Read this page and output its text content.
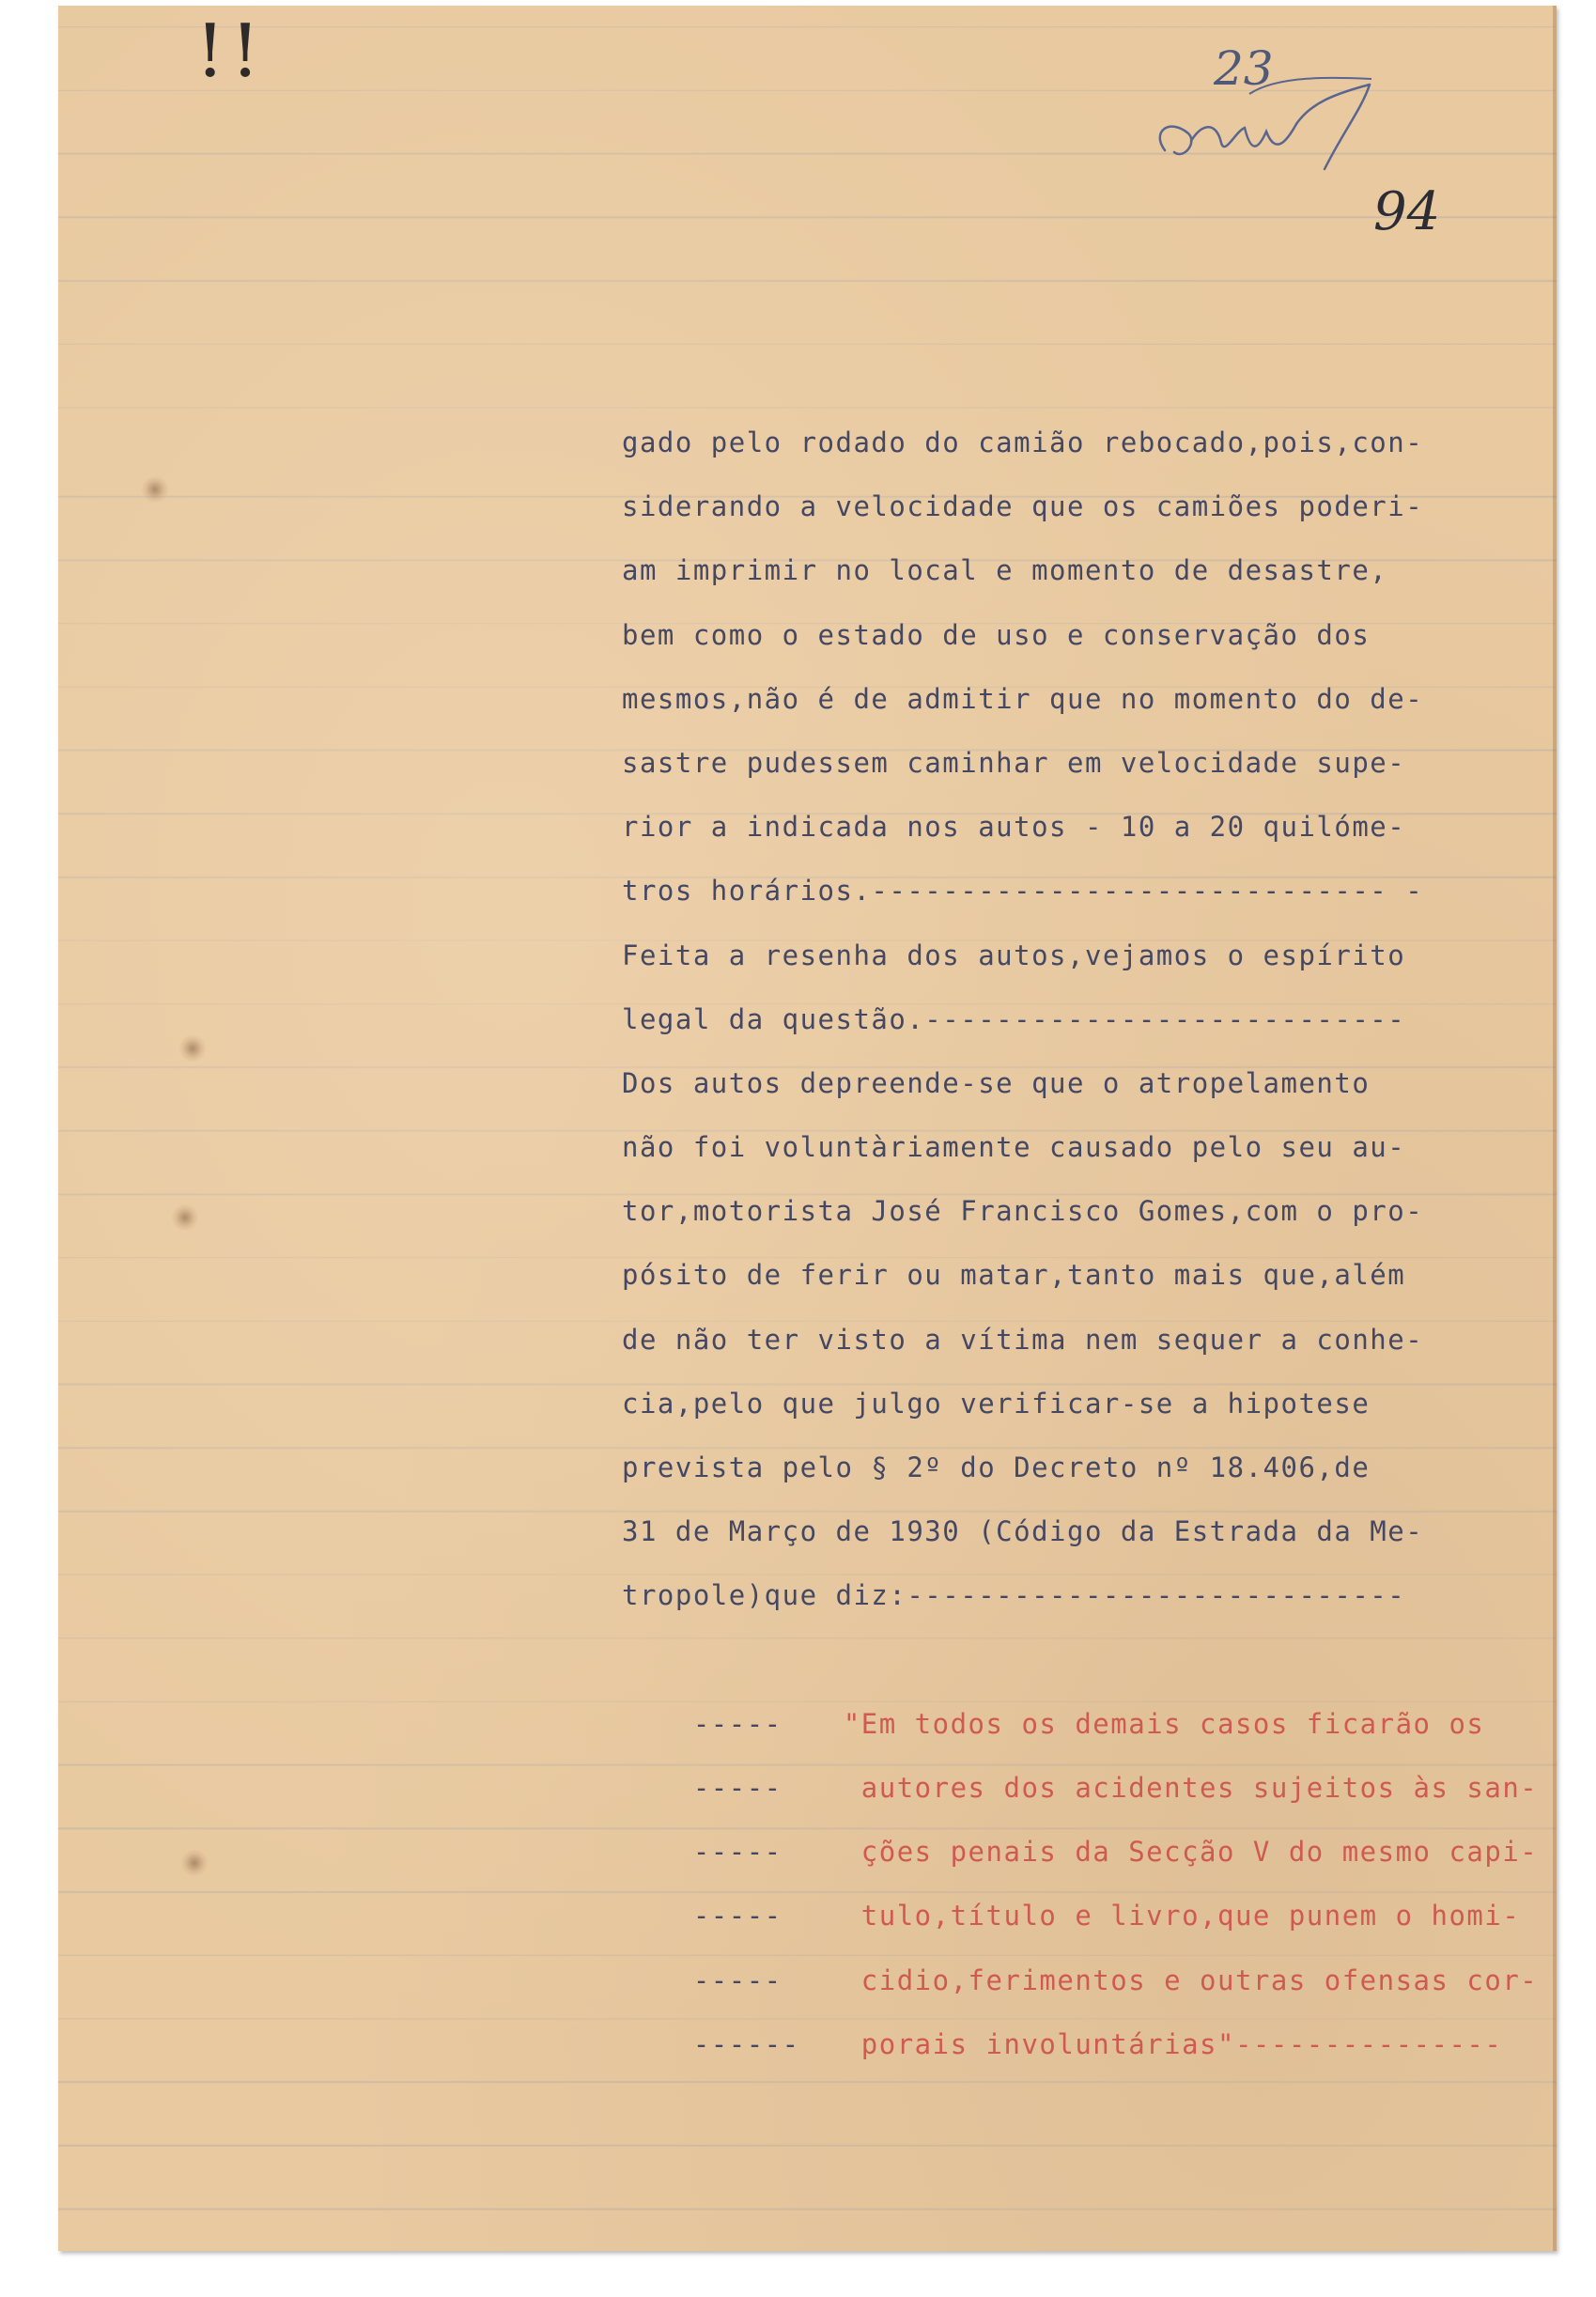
!!	23
94
gado pelo rodado do camião rebocado,pois,con-
siderando a velocidade que os camiões poderi-
am imprimir no local e momento de desastre,
bem como o estado de uso e conservação dos
mesmos,não é de admitir que no momento do de-
sastre pudessem caminhar em velocidade supe-
rior a indicada nos autos - 10 a 20 quilóme-
tros horários.----------------------------- -
Feita a resenha dos autos,vejamos o espírito
legal da questão.---------------------------
Dos autos depreende-se que o atropelamento
não foi voluntàriamente causado pelo seu au-
tor,motorista José Francisco Gomes,com o pro-
pósito de ferir ou matar,tanto mais que,além
de não ter visto a vítima nem sequer a conhe-
cia,pelo que julgo verificar-se a hipotese
prevista pelo § 2º do Decreto nº 18.406,de
31 de Março de 1930 (Código da Estrada da Me-
tropole)que diz:----------------------------

----- "Em todos os demais casos ficarão os

----- autores dos acidentes sujeitos às san-

----- ções penais da Secção V do mesmo capi-

----- tulo,título e livro,que punem o homi-

----- cidio,ferimentos e outras ofensas cor-

------ porais involuntárias"---------------
